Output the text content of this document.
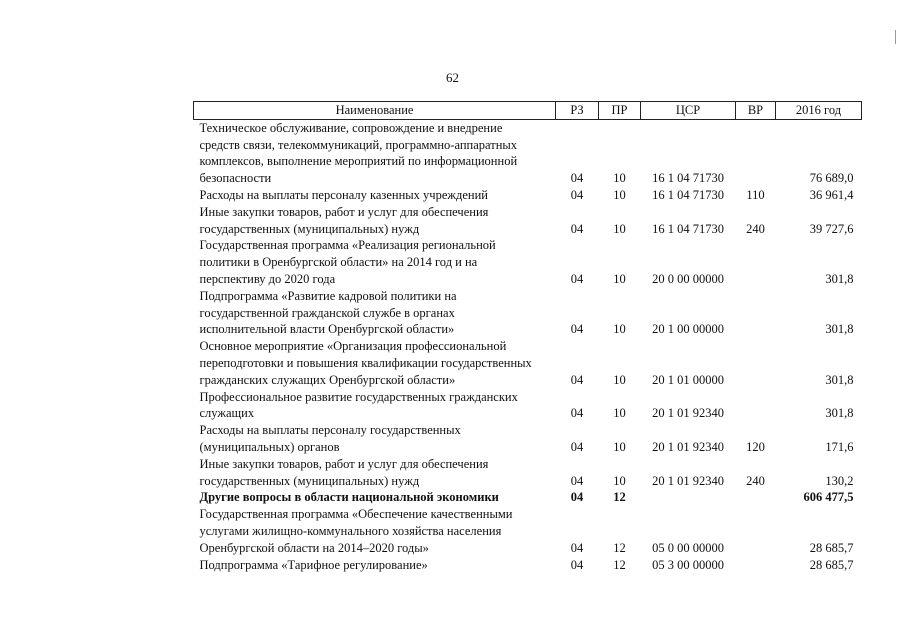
62
Наименование	РЗ	ПР	ЦСР	ВР	2016 год
Техническое обслуживание, сопровождение и внедрение средств связи, телекоммуникаций, программно-аппаратных комплексов, выполнение мероприятий по информационной безопасности	04	10	16 1 04 71730		76 689,0
Расходы на выплаты персоналу казенных учреждений	04	10	16 1 04 71730	110	36 961,4
Иные закупки товаров, работ и услуг для обеспечения государственных (муниципальных) нужд	04	10	16 1 04 71730	240	39 727,6
Государственная программа «Реализация региональной политики в Оренбургской области» на 2014 год и на перспективу до 2020 года	04	10	20 0 00 00000		301,8
Подпрограмма «Развитие кадровой политики на государственной гражданской службе в органах исполнительной власти Оренбургской области»	04	10	20 1 00 00000		301,8
Основное мероприятие «Организация профессиональной переподготовки и повышения квалификации государственных гражданских служащих Оренбургской области»	04	10	20 1 01 00000		301,8
Профессиональное развитие государственных гражданских служащих	04	10	20 1 01 92340		301,8
Расходы на выплаты персоналу государственных (муниципальных) органов	04	10	20 1 01 92340	120	171,6
Иные закупки товаров, работ и услуг для обеспечения государственных (муниципальных) нужд	04	10	20 1 01 92340	240	130,2
Другие вопросы в области национальной экономики	04	12			606 477,5
Государственная программа «Обеспечение качественными услугами жилищно-коммунального хозяйства населения Оренбургской области на 2014–2020 годы»	04	12	05 0 00 00000		28 685,7
Подпрограмма «Тарифное регулирование»	04	12	05 3 00 00000		28 685,7
